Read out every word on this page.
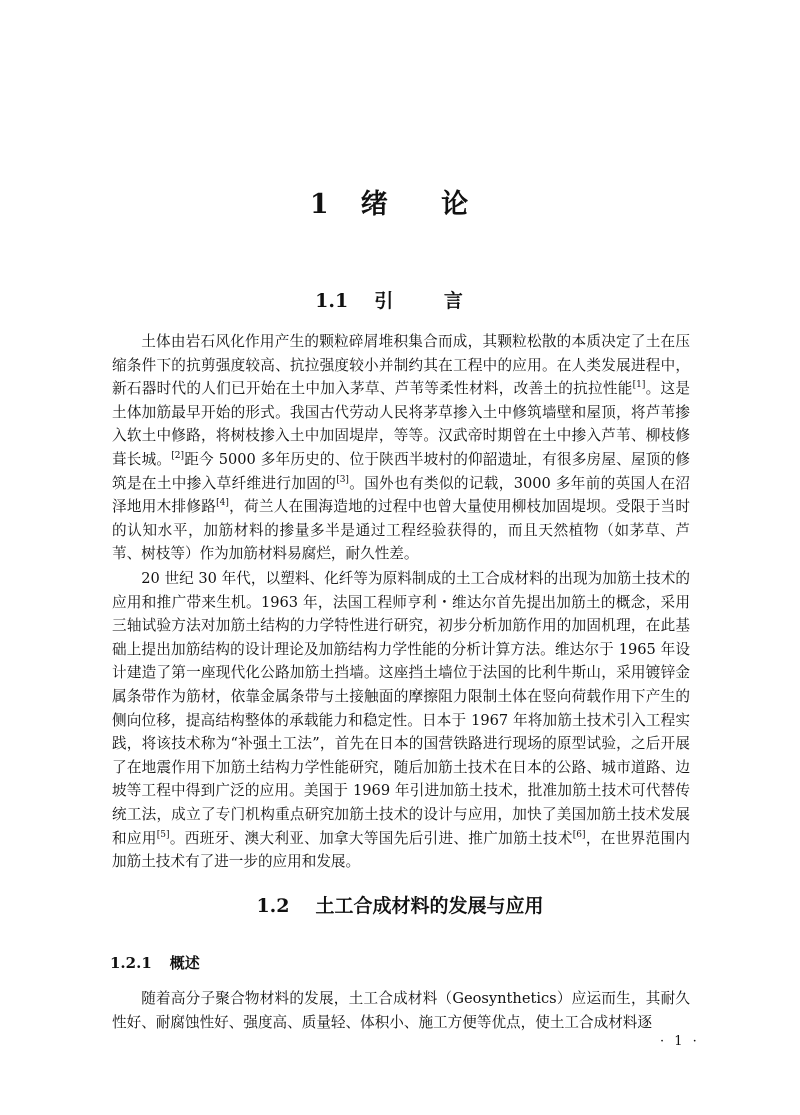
1 绪 论
1.1 引 言

土体由岩石风化作用产生的颗粒碎屑堆积集合而成，其颗粒松散的本质决定了土在压缩条件下的抗剪强度较高、抗拉强度较小并制约其在工程中的应用。在人类发展进程中，新石器时代的人们已开始在土中加入茅草、芦苇等柔性材料，改善土的抗拉性能[1]。这是土体加筋最早开始的形式。我国古代劳动人民将茅草掺入土中修筑墙壁和屋顶，将芦苇掺入软土中修路，将树枝掺入土中加固堤岸，等等。汉武帝时期曾在土中掺入芦苇、柳枝修葺长城。[2]距今 5000 多年历史的、位于陕西半坡村的仰韶遗址，有很多房屋、屋顶的修筑是在土中掺入草纤维进行加固的[3]。国外也有类似的记载，3000 多年前的英国人在沼泽地用木排修路[4]，荷兰人在围海造地的过程中也曾大量使用柳枝加固堤坝。受限于当时的认知水平，加筋材料的掺量多半是通过工程经验获得的，而且天然植物（如茅草、芦苇、树枝等）作为加筋材料易腐烂，耐久性差。

20 世纪 30 年代，以塑料、化纤等为原料制成的土工合成材料的出现为加筋土技术的应用和推广带来生机。1963 年，法国工程师亨利・维达尔首先提出加筋土的概念，采用三轴试验方法对加筋土结构的力学特性进行研究，初步分析加筋作用的加固机理，在此基础上提出加筋结构的设计理论及加筋结构力学性能的分析计算方法。维达尔于 1965 年设计建造了第一座现代化公路加筋土挡墙。这座挡土墙位于法国的比利牛斯山，采用镀锌金属条带作为筋材，依靠金属条带与土接触面的摩擦阻力限制土体在竖向荷载作用下产生的侧向位移，提高结构整体的承载能力和稳定性。日本于 1967 年将加筋土技术引入工程实践，将该技术称为“补强土工法”，首先在日本的国营铁路进行现场的原型试验，之后开展了在地震作用下加筋土结构力学性能研究，随后加筋土技术在日本的公路、城市道路、边坡等工程中得到广泛的应用。美国于 1969 年引进加筋土技术，批准加筋土技术可代替传统工法，成立了专门机构重点研究加筋土技术的设计与应用，加快了美国加筋土技术发展和应用[5]。西班牙、澳大利亚、加拿大等国先后引进、推广加筋土技术[6]，在世界范围内加筋土技术有了进一步的应用和发展。

1.2 土工合成材料的发展与应用
1.2.1 概述

随着高分子聚合物材料的发展，土工合成材料（Geosynthetics）应运而生，其耐久性好、耐腐蚀性好、强度高、质量轻、体积小、施工方便等优点，使土工合成材料逐

· 1 ·
